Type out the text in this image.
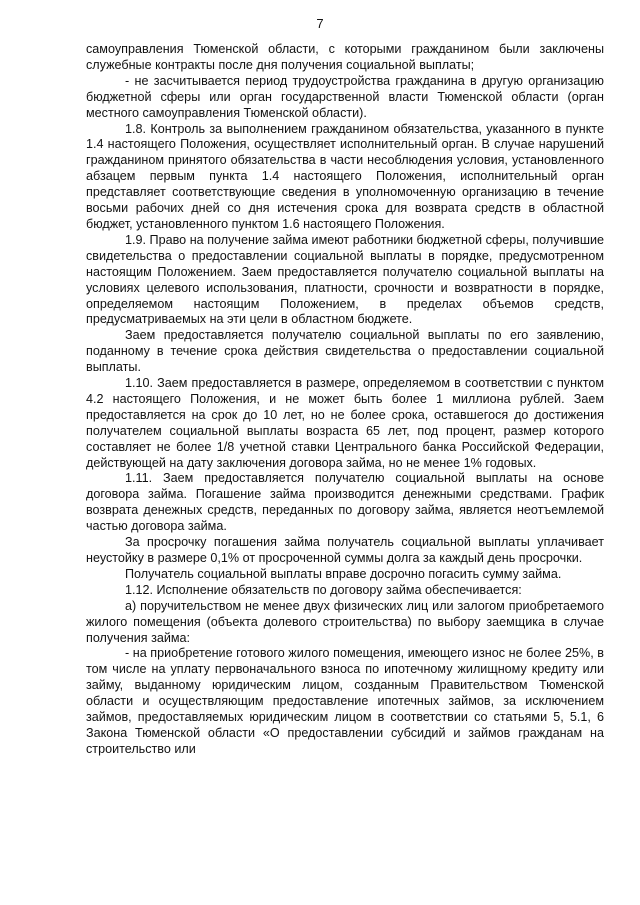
7

самоуправления Тюменской области, с которыми гражданином были заключены служебные контракты после дня получения социальной выплаты;

- не засчитывается период трудоустройства гражданина в другую организацию бюджетной сферы или орган государственной власти Тюменской области (орган местного самоуправления Тюменской области).

1.8. Контроль за выполнением гражданином обязательства, указанного в пункте 1.4 настоящего Положения, осуществляет исполнительный орган. В случае нарушений гражданином принятого обязательства в части несоблюдения условия, установленного абзацем первым пункта 1.4 настоящего Положения, исполнительный орган представляет соответствующие сведения в уполномоченную организацию в течение восьми рабочих дней со дня истечения срока для возврата средств в областной бюджет, установленного пунктом 1.6 настоящего Положения.

1.9. Право на получение займа имеют работники бюджетной сферы, получившие свидетельства о предоставлении социальной выплаты в порядке, предусмотренном настоящим Положением. Заем предоставляется получателю социальной выплаты на условиях целевого использования, платности, срочности и возвратности в порядке, определяемом настоящим Положением, в пределах объемов средств, предусматриваемых на эти цели в областном бюджете.

Заем предоставляется получателю социальной выплаты по его заявлению, поданному в течение срока действия свидетельства о предоставлении социальной выплаты.

1.10. Заем предоставляется в размере, определяемом в соответствии с пунктом 4.2 настоящего Положения, и не может быть более 1 миллиона рублей. Заем предоставляется на срок до 10 лет, но не более срока, оставшегося до достижения получателем социальной выплаты возраста 65 лет, под процент, размер которого составляет не более 1/8 учетной ставки Центрального банка Российской Федерации, действующей на дату заключения договора займа, но не менее 1% годовых.

1.11. Заем предоставляется получателю социальной выплаты на основе договора займа. Погашение займа производится денежными средствами. График возврата денежных средств, переданных по договору займа, является неотъемлемой частью договора займа.

За просрочку погашения займа получатель социальной выплаты уплачивает неустойку в размере 0,1% от просроченной суммы долга за каждый день просрочки.

Получатель социальной выплаты вправе досрочно погасить сумму займа.

1.12. Исполнение обязательств по договору займа обеспечивается:

а) поручительством не менее двух физических лиц или залогом приобретаемого жилого помещения (объекта долевого строительства) по выбору заемщика в случае получения займа:

- на приобретение готового жилого помещения, имеющего износ не более 25%, в том числе на уплату первоначального взноса по ипотечному жилищному кредиту или займу, выданному юридическим лицом, созданным Правительством Тюменской области и осуществляющим предоставление ипотечных займов, за исключением займов, предоставляемых юридическим лицом в соответствии со статьями 5, 5.1, 6 Закона Тюменской области «О предоставлении субсидий и займов гражданам на строительство или
